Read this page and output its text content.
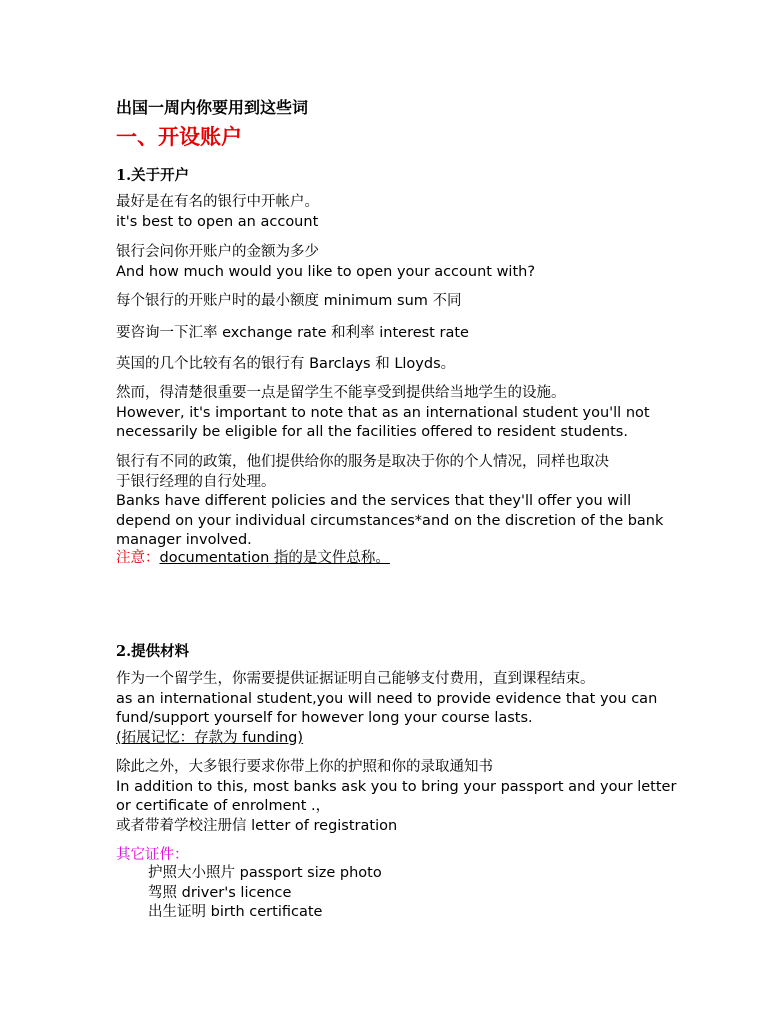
出国一周内你要用到这些词
一、开设账户
1.关于开户
最好是在有名的银行中开帐户。
it's best to open an account
银行会问你开账户的金额为多少
And how much would you like to open your account with?
每个银行的开账户时的最小额度 minimum sum 不同
要咨询一下汇率 exchange rate 和利率 interest rate
英国的几个比较有名的银行有 Barclays 和 Lloyds。
然而，得清楚很重要一点是留学生不能享受到提供给当地学生的设施。
However, it's important to note that as an international student you'll not
necessarily be eligible for all the facilities offered to resident students.
银行有不同的政策，他们提供给你的服务是取决于你的个人情况，同样也取决
于银行经理的自行处理。
Banks have different policies and the services that they'll offer you will
depend on your individual circumstances*and on the discretion of the bank
manager involved.
注意：documentation 指的是文件总称。
2.提供材料
作为一个留学生，你需要提供证据证明自己能够支付费用，直到课程结束。
as an international student,you will need to provide evidence that you can
fund/support yourself for however long your course lasts.
(拓展记忆：存款为 funding)
除此之外，大多银行要求你带上你的护照和你的录取通知书
In addition to this, most banks ask you to bring your passport and your letter
or certificate of enrolment .，
或者带着学校注册信 letter of registration
其它证件：
护照大小照片 passport size photo
驾照 driver's licence
出生证明 birth certificate
